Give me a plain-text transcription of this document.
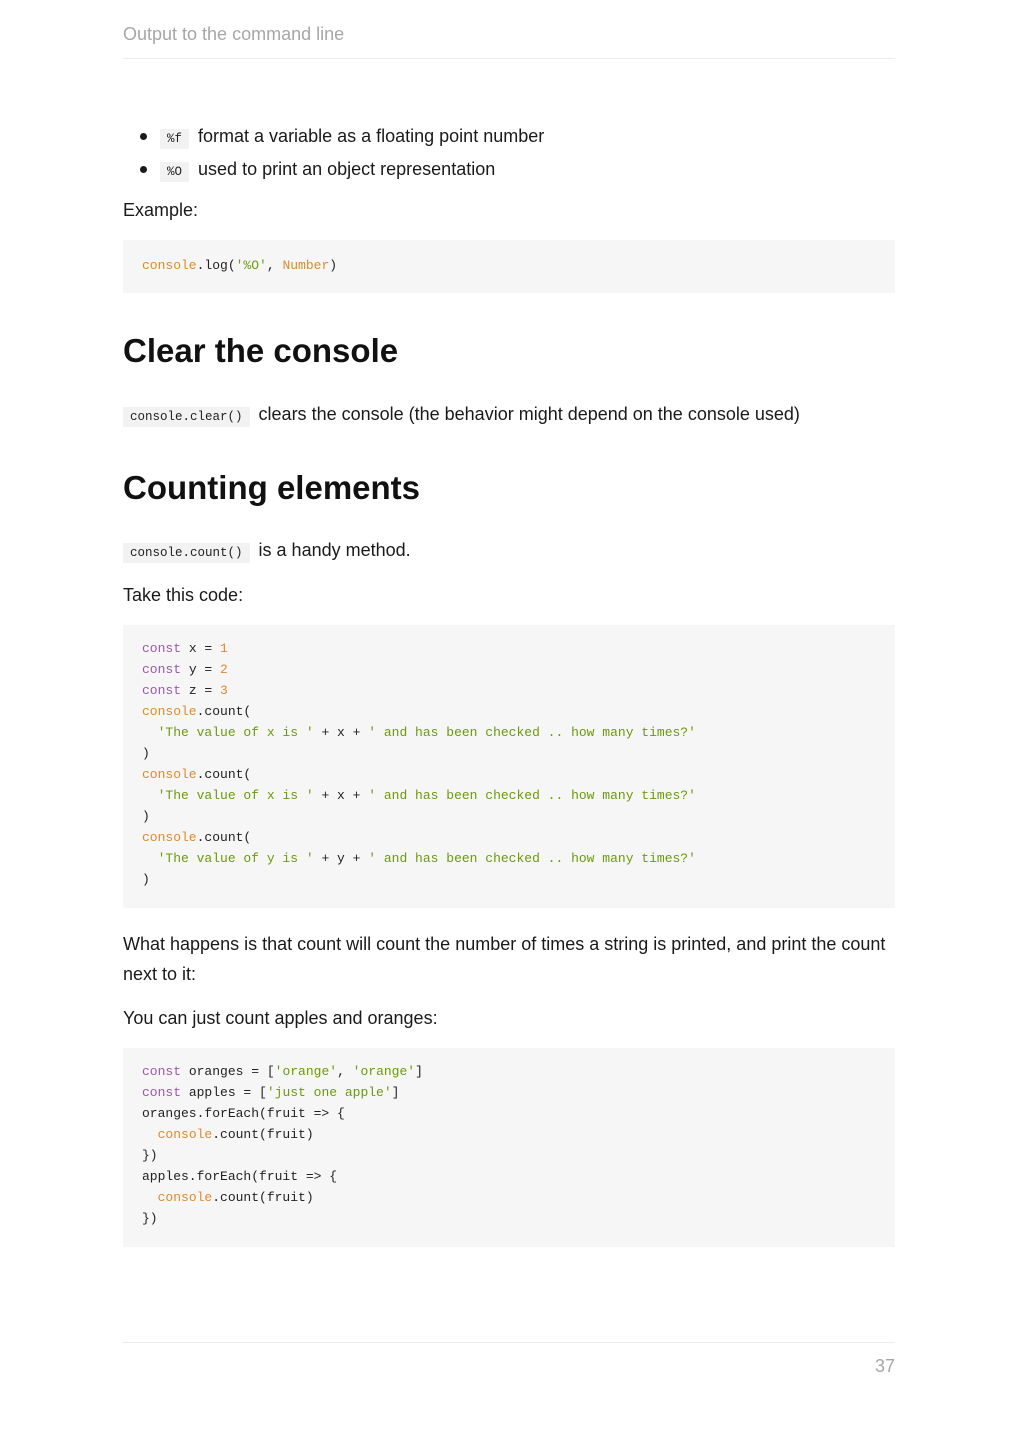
Output to the command line
%f format a variable as a floating point number
%O used to print an object representation

Example:

console.log('%O', Number)
Clear the console

console.clear() clears the console (the behavior might depend on the console used)

Counting elements

console.count() is a handy method.

Take this code:

const x = 1
const y = 2
const z = 3
console.count(
'The value of x is ' + x + ' and has been checked .. how many times?'
)
console.count(
'The value of x is ' + x + ' and has been checked .. how many times?'
)
console.count(
'The value of y is ' + y + ' and has been checked .. how many times?'
)

What happens is that count will count the number of times a string is printed, and print the count next to it:

You can just count apples and oranges:

const oranges = ['orange', 'orange']
const apples = ['just one apple']
oranges.forEach(fruit => {
console.count(fruit)
})
apples.forEach(fruit => {
console.count(fruit)
})
37
